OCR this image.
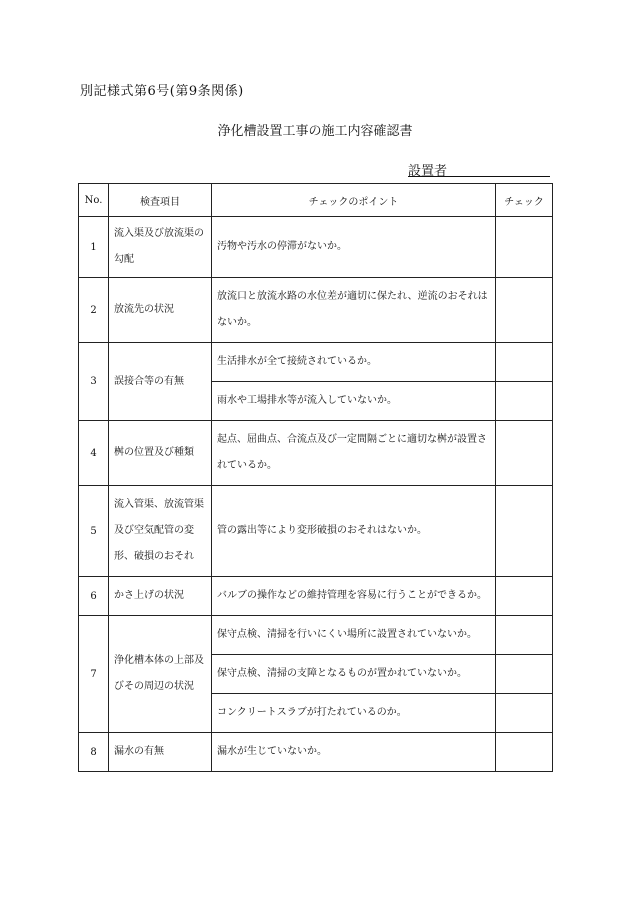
別記様式第6号(第9条関係)
浄化槽設置工事の施工内容確認書
設置者
No.	検査項目	チェックのポイント	チェック
1	流入渠及び放流渠の勾配	汚物や汚水の停滞がないか。	
2	放流先の状況	放流口と放流水路の水位差が適切に保たれ、逆流のおそれはないか。	
3	誤接合等の有無	生活排水が全て接続されているか。	
		雨水や工場排水等が流入していないか。	
4	桝の位置及び種類	起点、屈曲点、合流点及び一定間隔ごとに適切な桝が設置されているか。	
5	流入管渠、放流管渠及び空気配管の変形、破損のおそれ	管の露出等により変形破損のおそれはないか。	
6	かさ上げの状況	バルブの操作などの維持管理を容易に行うことができるか。	
7	浄化槽本体の上部及びその周辺の状況	保守点検、清掃を行いにくい場所に設置されていないか。	
		保守点検、清掃の支障となるものが置かれていないか。	
		コンクリートスラブが打たれているのか。	
8	漏水の有無	漏水が生じていないか。	
